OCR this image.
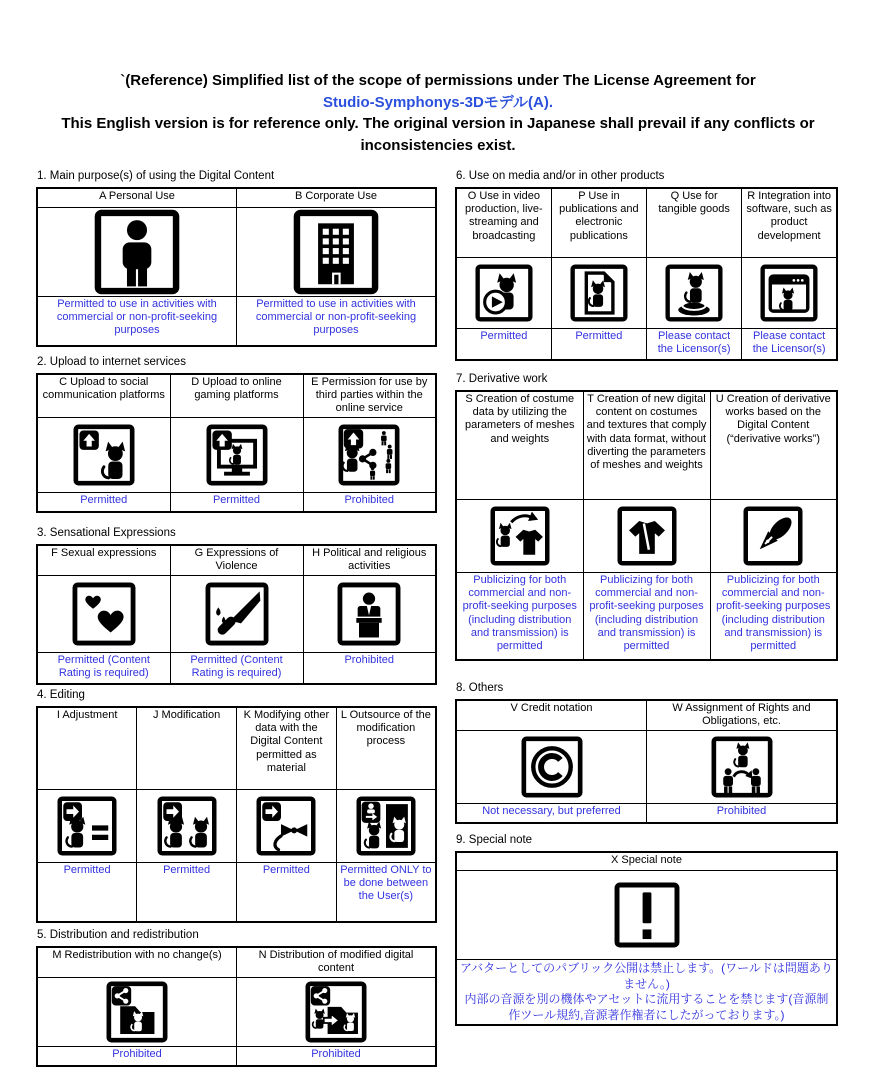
`(Reference) Simplified list of the scope of permissions under The License Agreement for
Studio-Symphonys-3Dモデル(A).
This English version is for reference only. The original version in Japanese shall prevail if any conflicts or
inconsistencies exist.
1. Main purpose(s) of using the Digital Content
A Personal Use	B Corporate Use

Permitted to use in activities with commercial or non-profit-seeking purposes	Permitted to use in activities with commercial or non-profit-seeking purposes
2. Upload to internet services
C Upload to social communication platforms	D Upload to online gaming platforms	E Permission for use by third parties within the online service

Permitted	Permitted	Prohibited
3. Sensational Expressions
F Sexual expressions	G Expressions of Violence	H Political and religious activities

Permitted (Content Rating is required)	Permitted (Content Rating is required)	Prohibited
4. Editing
I Adjustment	J Modification	K Modifying other data with the Digital Content permitted as material	L Outsource of the modification process

Permitted	Permitted	Permitted	Permitted ONLY to be done between the User(s)
5. Distribution and redistribution
M Redistribution with no change(s)	N Distribution of modified digital content

Prohibited	Prohibited
6. Use on media and/or in other products
O Use in video production, live-streaming and broadcasting	P Use in publications and electronic publications	Q Use for tangible goods	R Integration into software, such as product development

Permitted	Permitted	Please contact the Licensor(s)	Please contact the Licensor(s)
7. Derivative work
S Creation of costume data by utilizing the parameters of meshes and weights	T Creation of new digital content on costumes and textures that comply with data format, without diverting the parameters of meshes and weights	U Creation of derivative works based on the Digital Content (“derivative works”)

Publicizing for both commercial and non-profit-seeking purposes (including distribution and transmission) is permitted	Publicizing for both commercial and non-profit-seeking purposes (including distribution and transmission) is permitted	Publicizing for both commercial and non-profit-seeking purposes (including distribution and transmission) is permitted
8. Others
V Credit notation	W Assignment of Rights and Obligations, etc.

Not necessary, but preferred	Prohibited
9. Special note
X Special note

アバターとしてのパブリック公開は禁止します。(ワールドは問題ありません。)
内部の音源を別の機体やアセットに流用することを禁じます(音源制作ツール規約,音源著作権者にしたがっております。)
